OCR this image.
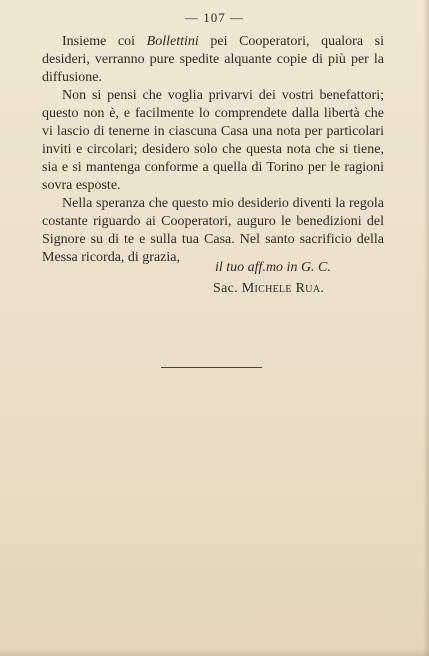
— 107 —

Insieme coi Bollettini pei Cooperatori, qualora si desideri, verranno pure spedite alquante copie di più per la diffusione.

Non si pensi che voglia privarvi dei vostri benefattori; questo non è, e facilmente lo comprendete dalla libertà che vi lascio di tenerne in ciascuna Casa una nota per particolari inviti e circolari; desidero solo che questa nota che si tiene, sia e si mantenga conforme a quella di Torino per le ragioni sovra esposte.

Nella speranza che questo mio desiderio diventi la regola costante riguardo ai Cooperatori, auguro le benedizioni del Signore su di te e sulla tua Casa. Nel santo sacrificio della Messa ricorda, di grazia,

il tuo aff.mo in G. C.
Sac. Michele Rua.
